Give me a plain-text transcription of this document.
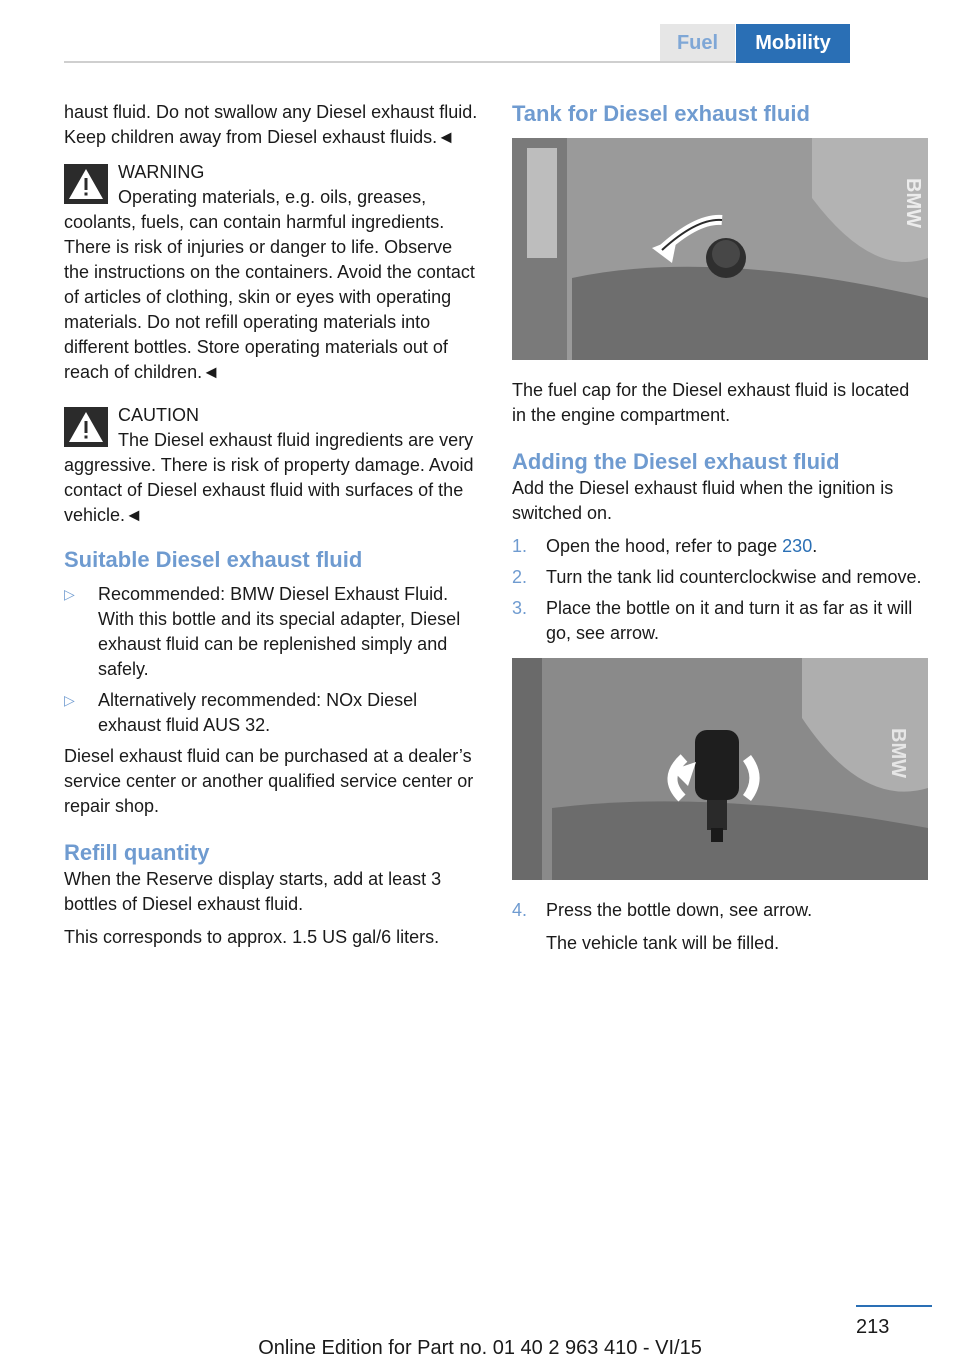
Fuel	Mobility

haust fluid. Do not swallow any Diesel exhaust fluid. Keep children away from Diesel exhaust fluids.◄

WARNING
Operating materials, e.g. oils, greases, coolants, fuels, can contain harmful ingredients. There is risk of injuries or danger to life. Observe the instructions on the containers. Avoid the contact of articles of clothing, skin or eyes with operating materials. Do not refill operating materials into different bottles. Store operating materials out of reach of children.◄
CAUTION
The Diesel exhaust fluid ingredients are very aggressive. There is risk of property damage. Avoid contact of Diesel exhaust fluid with surfaces of the vehicle.◄
Suitable Diesel exhaust fluid
▷ Recommended: BMW Diesel Exhaust Fluid. With this bottle and its special adapter, Diesel exhaust fluid can be replenished simply and safely.
▷ Alternatively recommended: NOx Diesel exhaust fluid AUS 32.

Diesel exhaust fluid can be purchased at a dealer’s service center or another qualified service center or repair shop.

Refill quantity

When the Reserve display starts, add at least 3 bottles of Diesel exhaust fluid.

This corresponds to approx. 1.5 US gal/6 liters.

Tank for Diesel exhaust fluid
BMW

The fuel cap for the Diesel exhaust fluid is located in the engine compartment.

Adding the Diesel exhaust fluid

Add the Diesel exhaust fluid when the ignition is switched on.

1. Open the hood, refer to page 230.
2. Turn the tank lid counterclockwise and remove.
3. Place the bottle on it and turn it as far as it will go, see arrow.
BMW
4. Press the bottle down, see arrow.
The vehicle tank will be filled.
213
Online Edition for Part no. 01 40 2 963 410 - VI/15
